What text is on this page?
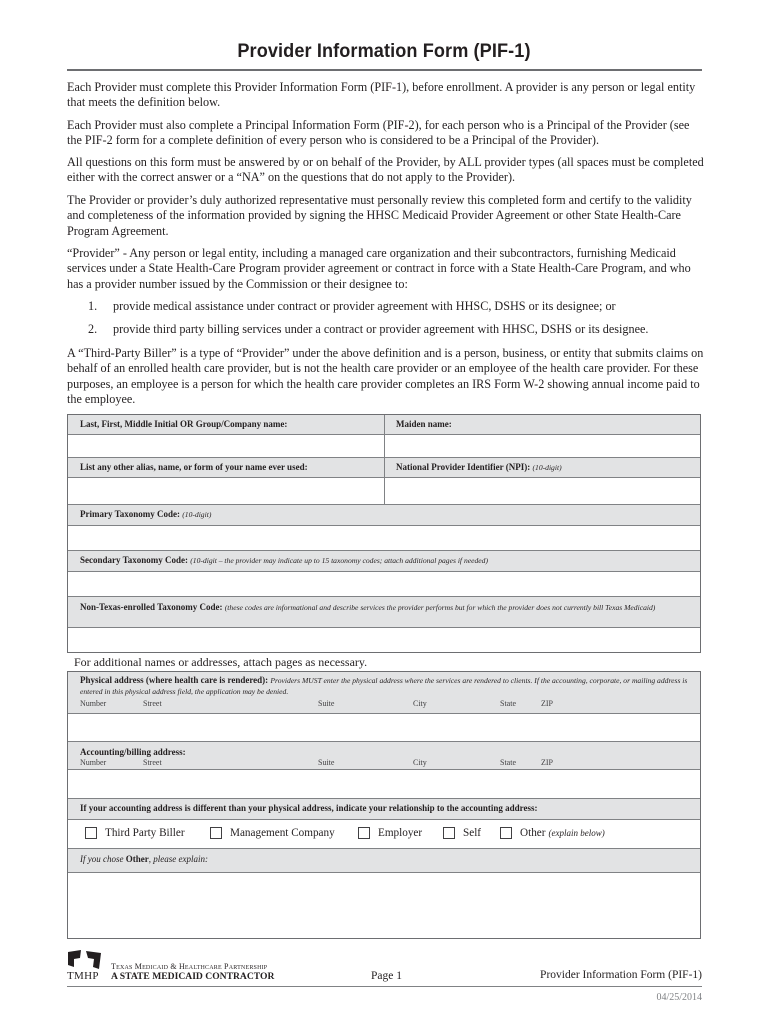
Provider Information Form (PIF-1)

Each Provider must complete this Provider Information Form (PIF-1), before enrollment. A provider is any person or legal entity that meets the definition below.

Each Provider must also complete a Principal Information Form (PIF-2), for each person who is a Principal of the Provider (see the PIF-2 form for a complete definition of every person who is considered to be a Principal of the Provider).

All questions on this form must be answered by or on behalf of the Provider, by ALL provider types (all spaces must be completed either with the correct answer or a “NA” on the questions that do not apply to the Provider).

The Provider or provider’s duly authorized representative must personally review this completed form and certify to the validity and completeness of the information provided by signing the HHSC Medicaid Provider Agreement or other State Health-Care Program Agreement.

“Provider” - Any person or legal entity, including a managed care organization and their subcontractors, furnishing Medicaid services under a State Health-Care Program provider agreement or contract in force with a State Health-Care Program, and who has a provider number issued by the Commission or their designee to:

1. provide medical assistance under contract or provider agreement with HHSC, DSHS or its designee; or
2. provide third party billing services under a contract or provider agreement with HHSC, DSHS or its designee.

A “Third-Party Biller” is a type of “Provider” under the above definition and is a person, business, or entity that submits claims on behalf of an enrolled health care provider, but is not the health care provider or an employee of the health care provider. For these purposes, an employee is a person for which the health care provider completes an IRS Form W-2 showing annual income paid to the employee.

Last, First, Middle Initial OR Group/Company name:	Maiden name:
List any other alias, name, or form of your name ever used:	National Provider Identifier (NPI): (10-digit)
Primary Taxonomy Code: (10-digit)
Secondary Taxonomy Code: (10-digit – the provider may indicate up to 15 taxonomy codes; attach additional pages if needed)
Non-Texas-enrolled Taxonomy Code: (these codes are informational and describe services the provider performs but for which the provider does not currently bill Texas Medicaid)
For additional names or addresses, attach pages as necessary.
Physical address (where health care is rendered): Providers MUST enter the physical address where the services are rendered to clients. If the accounting, corporate, or mailing address is entered in this physical address field, the application may be denied.
Number	Street	Suite	City	State	ZIP
Accounting/billing address:
Number	Street	Suite	City	State	ZIP
If your accounting address is different than your physical address, indicate your relationship to the accounting address:
Third Party Biller	Management Company	Employer	Self	Other (explain below)
If you chose Other, please explain:
TMHP
Texas Medicaid & Healthcare Partnership
A STATE MEDICAID CONTRACTOR	Page 1	Provider Information Form (PIF-1)
04/25/2014
